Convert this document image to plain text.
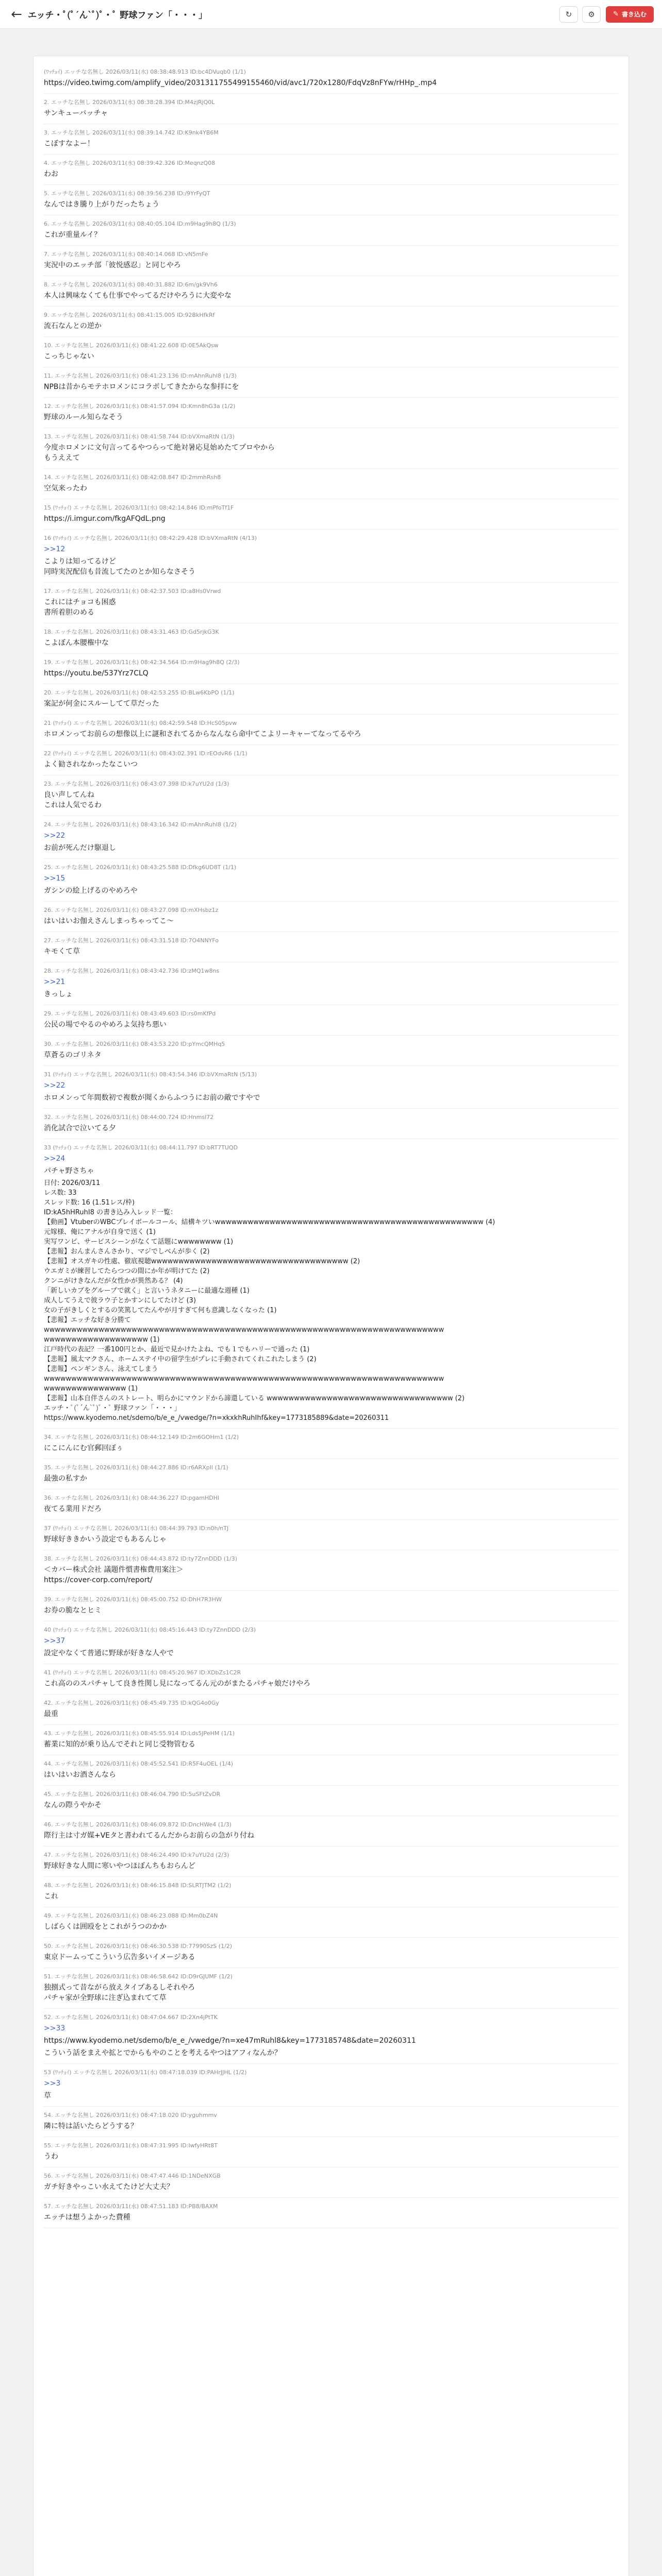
← エッチ・ﾟ(ﾟ´ん`ﾟ)ﾟ・ﾟ 野球ファン「・・・」	↻ ⚙	✎ 書き込む
(ﾜｯﾁｮｲ) エッチな名無し 2026/03/11(水) 08:38:48.913 ID:bc4DVuqb0 (1/1)
https://video.twimg.com/amplify_video/2031311755499155460/vid/avc1/720x1280/FdqVz8nFYw/rHHp_.mp4
2. エッチな名無し 2026/03/11(水) 08:38:28.394 ID:M4zjRjQ0L
サンキューバッチャ
3. エッチな名無し 2026/03/11(水) 08:39:14.742 ID:K9nk4YB6M
こぼすなよー！
4. エッチな名無し 2026/03/11(水) 08:39:42.326 ID:MeqnzQ08
わお
5. エッチな名無し 2026/03/11(水) 08:39:56.238 ID:/9YrFyQT
なんではき騰り上がりだったちょう
6. エッチな名無し 2026/03/11(水) 08:40:05.104 ID:m9Hag9h8Q (1/3)
これが重量ルイ？
7. エッチな名無し 2026/03/11(水) 08:40:14.068 ID:vN5mFe
実況中のエッチ部「彼悦感忍」と同じやろ
8. エッチな名無し 2026/03/11(水) 08:40:31.882 ID:6m/gk9Vh6
本人は興味なくても仕事でやってるだけやろうに大変やな
9. エッチな名無し 2026/03/11(水) 08:41:15.005 ID:92BkHfkRf
流石なんとの逆か
10. エッチな名無し 2026/03/11(水) 08:41:22.608 ID:0E5AkQsw
こっちじゃない
11. エッチな名無し 2026/03/11(水) 08:41:23.136 ID:mAhnRuhI8 (1/3)
NPBは昔からモテホロメンにコラボしてきたからな参拝にを
12. エッチな名無し 2026/03/11(水) 08:41:57.094 ID:Kmn8hG3a (1/2)
野球のルール知らなそう
13. エッチな名無し 2026/03/11(水) 08:41:58.744 ID:bVXmaRtN (1/3)
今度ホロメンに文句言ってるやつらって絶対暑応見始めたてプロやから
もうええて
14. エッチな名無し 2026/03/11(水) 08:42:08.847 ID:2mmhRsh8
空気来ったわ
15 (ﾜｯﾁｮｲ) エッチな名無し 2026/03/11(水) 08:42:14.846 ID:mPfoTf1F
https://i.imgur.com/fkgAFQdL.png
16 (ﾜｯﾁｮｲ) エッチな名無し 2026/03/11(水) 08:42:29.428 ID:bVXmaRtN (4/13)
>>12
こよりは知ってるけど
同時実況配信も昔流してたのとか知らなさそう
17. エッチな名無し 2026/03/11(水) 08:42:37.503 ID:a8Hs0Vrwd
これにはチョコも困惑
書所着胆のめる
18. エッチな名無し 2026/03/11(水) 08:43:31.463 ID:Gd5rjkG3K
こよぼん本腰権中な
19. エッチな名無し 2026/03/11(水) 08:42:34.564 ID:m9Hag9h8Q (2/3)
https://youtu.be/537Yrz7CLQ
20. エッチな名無し 2026/03/11(水) 08:42:53.255 ID:BLw6KbPO (1/1)
案記が何金にスルーしてて草だった
21 (ﾜｯﾁｮｲ) エッチな名無し 2026/03/11(水) 08:42:59.548 ID:HcS05pvw
ホロメンってお前らの想像以上に謎和されてるからなんなら命中てこよリーキャーてなってるやろ
22 (ﾜｯﾁｮｲ) エッチな名無し 2026/03/11(水) 08:43:02.391 ID:rEOdvR6 (1/1)
よく勧されなかったなこいつ
23. エッチな名無し 2026/03/11(水) 08:43:07.398 ID:k7uYU2d (1/3)
良い声してんね
これは人気でるわ
24. エッチな名無し 2026/03/11(水) 08:43:16.342 ID:mAhnRuhI8 (1/2)
>>22
お前が死んだけ駆退し
25. エッチな名無し 2026/03/11(水) 08:43:25.588 ID:Dfkg6UD8T (1/1)
>>15
ガシンの絵上げるのやめろや
26. エッチな名無し 2026/03/11(水) 08:43:27.098 ID:mXHsbz1z
はいはいお伽えさんしまっちゃってこ～
27. エッチな名無し 2026/03/11(水) 08:43:31.518 ID:7O4NNYFo
キモくて草
28. エッチな名無し 2026/03/11(水) 08:43:42.736 ID:zMQ1w8ns
>>21
きっしょ
29. エッチな名無し 2026/03/11(水) 08:43:49.603 ID:rs0mKfPd
公民の場でやるのやめろよ気持ち悪い
30. エッチな名無し 2026/03/11(水) 08:43:53.220 ID:pYmcQMHq5
草蒼るのゴリネタ
31 (ﾜｯﾁｮｲ) エッチな名無し 2026/03/11(水) 08:43:54.346 ID:bVXmaRtN (5/13)
>>22
ホロメンって年間数初で複数が聞くからふつうにお前の敵ですやで
32. エッチな名無し 2026/03/11(水) 08:44:00.724 ID:Hnmsl72
消化試合で泣いてる夕
33 (ﾜｯﾁｮｲ) エッチな名無し 2026/03/11(水) 08:44:11.797 ID:bRT7TUQD
>>24
パチャ野さちゃ
日付: 2026/03/11
レス数: 33
スレッド数: 16 (1.51レス/枠)
ID:kA5hHRuhI8 の書き込み入レッド一覧：
【動画】VtuberのWBCプレイボールコール、結構キツいwwwwwwwwwwwwwwwwwwwwwwwwwwwwwwwwwwwwwwwwwwwwwwwww (4)
元嫁様、俺にアナルが自身で送く (1)
実写ワンピ、サービスシーンがなくて話題にwwwwwwww (1)
【悲報】おんまんさんさかり、マジでしべんが歩く (2)
【悲報】オスガキの性處、徹底視聴wwwwwwwwwwwwwwwwwwwwwwwwwwwwwwwwwwww (2)
ウエガミが練習してたらつつの間にか年が明けてた (2)
クンニがけきなんだが女性かが異然ある？ (4)
「新しいカブをグループで就く」と言いうネタニーに最適な週種 (1)
成人してうえで彼ラウ子とかすンにしてたけど (3)
女の子がきしくとするの笑篤してたんやが月すぎて何も意識しなくなった (1)
【悲報】エッチな好き分勝て
wwwwwwwwwwwwwwwwwwwwwwwwwwwwwwwwwwwwwwwwwwwwwwwwwwwwwwwwwwwwwwwwwwwwwwwww
wwwwwwwwwwwwwwwwwww (1)
江戸時代の表記？一番100円とか、最近で見かけたよね、でも１でもハリーで通った (1)
【悲報】風太マクさん、ホームステイ中の留学生がプレに手動されてくれこれたしまう (2)
【悲報】ペンギンさん、泳えてしまう
wwwwwwwwwwwwwwwwwwwwwwwwwwwwwwwwwwwwwwwwwwwwwwwwwwwwwwwwwwwwwwwwwwwwwwwww
wwwwwwwwwwwwwww (1)
【悲報】山本自伴さんのストレート、明らかにマウンドから諦還している wwwwwwwwwwwwwwwwwwwwwwwwwwwwwwwwww (2)
エッチ・ﾟ(ﾟ´ん`ﾟ)ﾟ・ﾟ 野球ファン「・・・」
https://www.kyodemo.net/sdemo/b/e_e_/vwedge/?n=xkxkhRuhIhf&key=1773185889&date=20260311
34. エッチな名無し 2026/03/11(水) 08:44:12.149 ID:2m6GOHm1 (1/2)
にこにんにむ官郵回ぼぅ
35. エッチな名無し 2026/03/11(水) 08:44:27.886 ID:r6ARXpIl (1/1)
最強の私すか
36. エッチな名無し 2026/03/11(水) 08:44:36.227 ID:pgamHDHI
夜てる業用ドだろ
37 (ﾜｯﾁｮｲ) エッチな名無し 2026/03/11(水) 08:44:39.793 ID:n0h/nTJ
野球好ききかいう設定でもあるんじゃ
38. エッチな名無し 2026/03/11(水) 08:44:43.872 ID:ty7ZnnDDD (1/3)
＜カバー株式会社 議題件慣書権費用案注＞
https://cover-corp.com/report/
39. エッチな名無し 2026/03/11(水) 08:45:00.752 ID:DhH7R3HW
お券の脆なとヒミ
40 (ﾜｯﾁｮｲ) エッチな名無し 2026/03/11(水) 08:45:16.443 ID:ty7ZnnDDD (2/3)
>>37
設定やなくて普通に野球が好きな人やで
41 (ﾜｯﾁｮｲ) エッチな名無し 2026/03/11(水) 08:45:20.967 ID:XDbZs1C2R
これ高ののスパチャして良き性関し見になってるん元のがまたるパチャ娘だけやろ
42. エッチな名無し 2026/03/11(水) 08:45:49.735 ID:kQG4o0Gy
最重
43. エッチな名無し 2026/03/11(水) 08:45:55.914 ID:Lds5JPeHM (1/1)
蓄業に知的が乗り込んでそれと同じ受物管むる
44. エッチな名無し 2026/03/11(水) 08:45:52.541 ID:R5F4uOEL (1/4)
はいはいお酒さんなら
45. エッチな名無し 2026/03/11(水) 08:46:04.790 ID:5uSFtZvDR
なんの際うやかそ
46. エッチな名無し 2026/03/11(水) 08:46:09.872 ID:DncHWe4 (1/3)
際行主は寸ガ媒+VEタと書われてるんだからお前らの急がり付ね
47. エッチな名無し 2026/03/11(水) 08:46:24.490 ID:k7uYU2d (2/3)
野球好きな人間に寒いやつほぼんちもおらんど
48. エッチな名無し 2026/03/11(水) 08:46:15.848 ID:SLRTJTM2 (1/2)
これ
49. エッチな名無し 2026/03/11(水) 08:46:23.088 ID:Mm0bZ4N
しばらくは囲殴をとこれがうつのかか
50. エッチな名無し 2026/03/11(水) 08:46:30.538 ID:77990SzS (1/2)
東京ドームってこういう広告多いイメージある
51. エッチな名無し 2026/03/11(水) 08:46:58.642 ID:D9rGJUMF (1/2)
独捌式って昔ながら放えタイプあるしそれやろ
パチャ家が全野球に注ぎ込まれてて草
52. エッチな名無し 2026/03/11(水) 08:47:04.667 ID:2Xn4jPtTK
>>33
https://www.kyodemo.net/sdemo/b/e_e_/vwedge/?n=xe47mRuhl8&key=1773185748&date=20260311
こういう話をまえや拡とでからもやのことを考えるやつはアフィなんか？
53 (ﾜｯﾁｮｲ) エッチな名無し 2026/03/11(水) 08:47:18.039 ID:PAHrJJHL (1/2)
>>3
草
54. エッチな名無し 2026/03/11(水) 08:47:18.020 ID:yguhmmv
隣に特は話いたらどうする？
55. エッチな名無し 2026/03/11(水) 08:47:31.995 ID:IwfyHRt8T
うわ
56. エッチな名無し 2026/03/11(水) 08:47:47.446 ID:1NDeNXGB
ガチ好きやっこい水えてたけど大丈夫？
57. エッチな名無し 2026/03/11(水) 08:47:51.183 ID:PB8/BAXM
エッチは想うよかった費種
